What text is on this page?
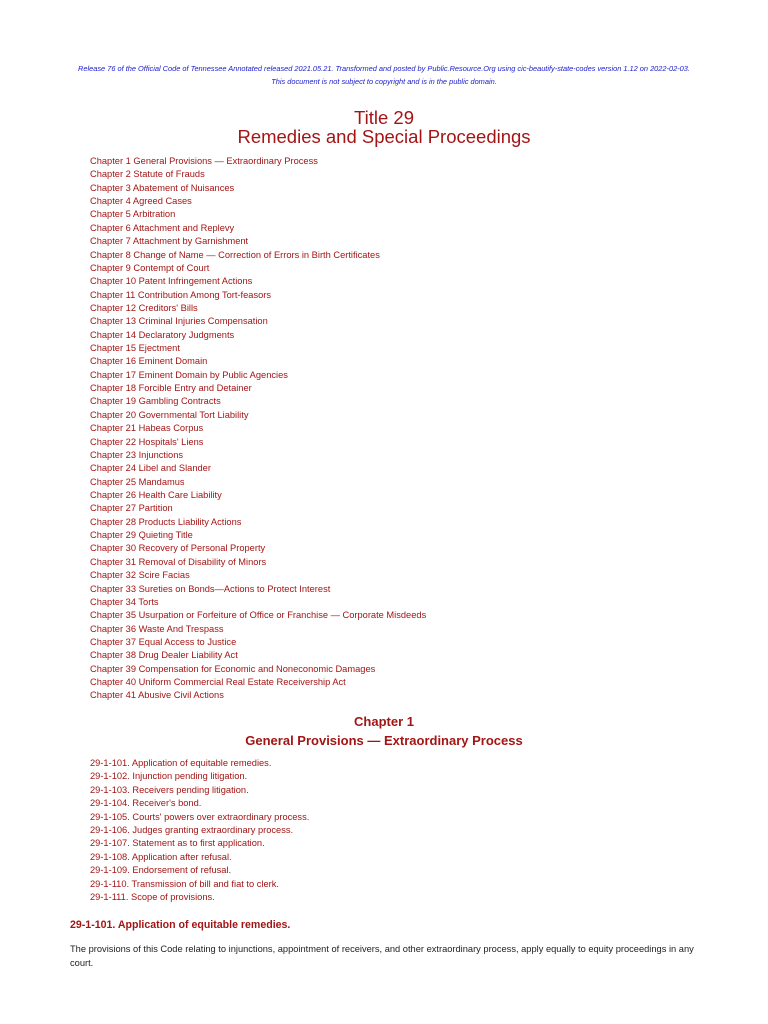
Release 76 of the Official Code of Tennessee Annotated released 2021.05.21. Transformed and posted by Public.Resource.Org using cic-beautify-state-codes version 1.12 on 2022-02-03.
This document is not subject to copyright and is in the public domain.
Title 29
Remedies and Special Proceedings
Chapter 1 General Provisions — Extraordinary Process
Chapter 2 Statute of Frauds
Chapter 3 Abatement of Nuisances
Chapter 4 Agreed Cases
Chapter 5 Arbitration
Chapter 6 Attachment and Replevy
Chapter 7 Attachment by Garnishment
Chapter 8 Change of Name — Correction of Errors in Birth Certificates
Chapter 9 Contempt of Court
Chapter 10 Patent Infringement Actions
Chapter 11 Contribution Among Tort-feasors
Chapter 12 Creditors' Bills
Chapter 13 Criminal Injuries Compensation
Chapter 14 Declaratory Judgments
Chapter 15 Ejectment
Chapter 16 Eminent Domain
Chapter 17 Eminent Domain by Public Agencies
Chapter 18 Forcible Entry and Detainer
Chapter 19 Gambling Contracts
Chapter 20 Governmental Tort Liability
Chapter 21 Habeas Corpus
Chapter 22 Hospitals' Liens
Chapter 23 Injunctions
Chapter 24 Libel and Slander
Chapter 25 Mandamus
Chapter 26 Health Care Liability
Chapter 27 Partition
Chapter 28 Products Liability Actions
Chapter 29 Quieting Title
Chapter 30 Recovery of Personal Property
Chapter 31 Removal of Disability of Minors
Chapter 32 Scire Facias
Chapter 33 Sureties on Bonds—Actions to Protect Interest
Chapter 34 Torts
Chapter 35 Usurpation or Forfeiture of Office or Franchise — Corporate Misdeeds
Chapter 36 Waste And Trespass
Chapter 37 Equal Access to Justice
Chapter 38 Drug Dealer Liability Act
Chapter 39 Compensation for Economic and Noneconomic Damages
Chapter 40 Uniform Commercial Real Estate Receivership Act
Chapter 41 Abusive Civil Actions
Chapter 1
General Provisions — Extraordinary Process
29-1-101. Application of equitable remedies.
29-1-102. Injunction pending litigation.
29-1-103. Receivers pending litigation.
29-1-104. Receiver's bond.
29-1-105. Courts' powers over extraordinary process.
29-1-106. Judges granting extraordinary process.
29-1-107. Statement as to first application.
29-1-108. Application after refusal.
29-1-109. Endorsement of refusal.
29-1-110. Transmission of bill and fiat to clerk.
29-1-111. Scope of provisions.
29-1-101. Application of equitable remedies.
The provisions of this Code relating to injunctions, appointment of receivers, and other extraordinary process, apply equally to equity proceedings in any court.
